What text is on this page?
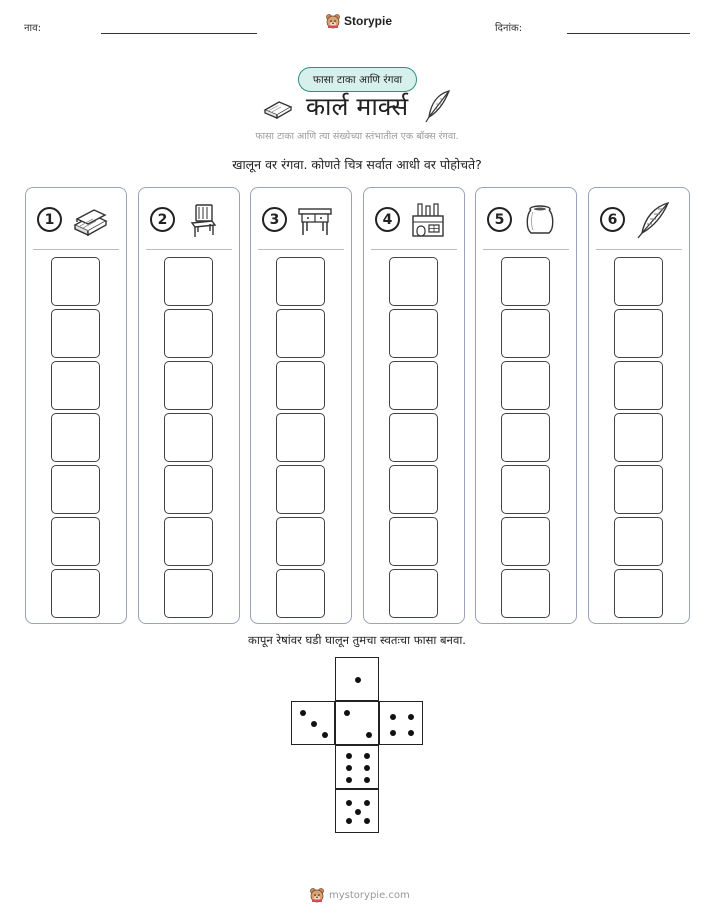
नाव:
Storypie
दिनांक:
फासा टाका आणि रंगवा
कार्ल मार्क्स
फासा टाका आणि त्या संख्येच्या स्तंभातील एक बॉक्स रंगवा.
खालून वर रंगवा. कोणते चित्र सर्वात आधी वर पोहोचते?
1	2	3	4	5	6
कापून रेषांवर घडी घालून तुमचा स्वतःचा फासा बनवा.
mystorypie.com
